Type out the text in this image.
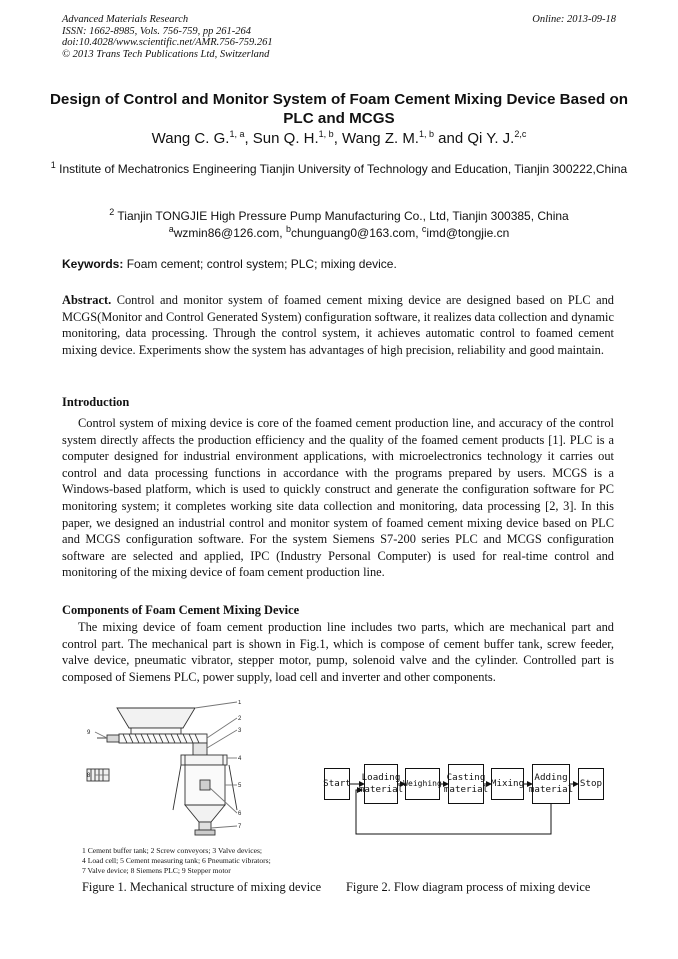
Advanced Materials Research
ISSN: 1662-8985, Vols. 756-759, pp 261-264
doi:10.4028/www.scientific.net/AMR.756-759.261
© 2013 Trans Tech Publications Ltd, Switzerland
Online: 2013-09-18
Design of Control and Monitor System of Foam Cement Mixing Device Based on PLC and MCGS
Wang C. G.$^{1, a}$, Sun Q. H.$^{1, b}$, Wang Z. M.$^{1, b}$ and Qi Y. J.$^{2,c}$
$^1$ Institute of Mechatronics Engineering Tianjin University of Technology and Education, Tianjin 300222,China
$^2$ Tianjin TONGJIE High Pressure Pump Manufacturing Co., Ltd, Tianjin 300385, China
$^a$wzmin86@126.com, $^b$chunguang0@163.com, $^c$imd@tongjie.cn
Keywords: Foam cement; control system; PLC; mixing device.
Abstract. Control and monitor system of foamed cement mixing device are designed based on PLC and MCGS(Monitor and Control Generated System) configuration software, it realizes data collection and dynamic monitoring, data processing. Through the control system, it achieves automatic control to foamed cement mixing device. Experiments show the system has advantages of high precision, reliability and good maintain.
Introduction
Control system of mixing device is core of the foamed cement production line, and accuracy of the control system directly affects the production efficiency and the quality of the foamed cement products [1]. PLC is a computer designed for industrial environment applications, with microelectronics technology it carries out control and data processing functions in accordance with the programs prepared by users. MCGS is a Windows-based platform, which is used to quickly construct and generate the configuration software for PC monitoring system; it completes working site data collection and monitoring, data processing [2, 3]. In this paper, we designed an industrial control and monitor system of foamed cement mixing device based on PLC and MCGS configuration software. For the system Siemens S7-200 series PLC and MCGS configuration software are selected and applied, IPC (Industry Personal Computer) is used for real-time control and monitoring of the mixing device of foam cement production line.
Components of Foam Cement Mixing Device
The mixing device of foam cement production line includes two parts, which are mechanical part and control part. The mechanical part is shown in Fig.1, which is compose of cement buffer tank, screw feeder, valve device, pneumatic vibrator, stepper motor, pump, solenoid valve and the cylinder. Controlled part is composed of Siemens PLC, power supply, load cell and inverter and other components.
1
2
3
4
5
6
7
8
9
1 Cement buffer tank; 2 Screw conveyors; 3 Valve devices;
4 Load cell; 5 Cement measuring tank; 6 Pneumatic vibrators;
7 Valve device; 8 Siemens PLC; 9 Stepper motor
Start
Loading
material
Weighing
Casting
material
Mixing
Adding
material
Stop
Figure 1. Mechanical structure of mixing device Figure 2. Flow diagram process of mixing device
